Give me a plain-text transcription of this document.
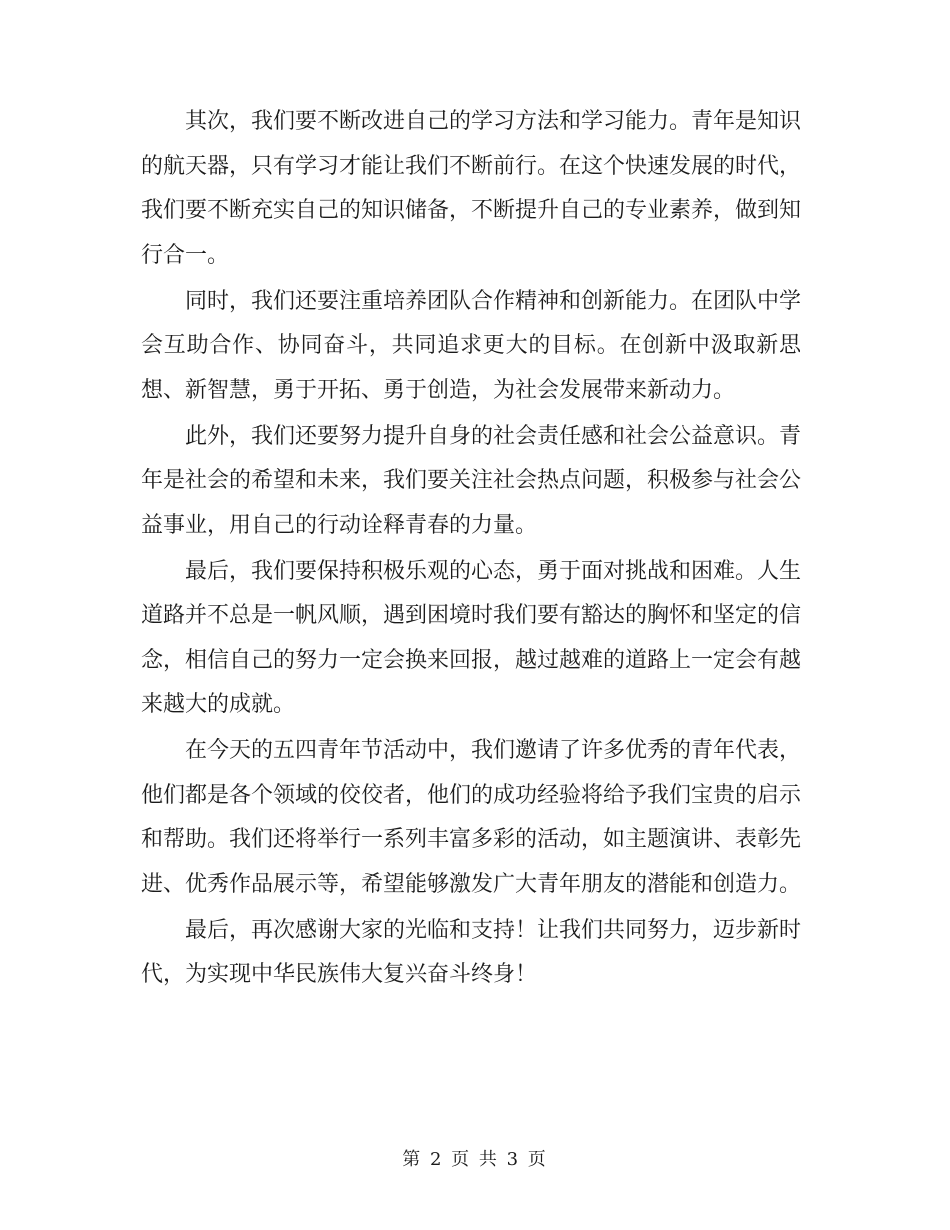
其次，我们要不断改进自己的学习方法和学习能力。青年是知识的航天器，只有学习才能让我们不断前行。在这个快速发展的时代，我们要不断充实自己的知识储备，不断提升自己的专业素养，做到知行合一。

同时，我们还要注重培养团队合作精神和创新能力。在团队中学会互助合作、协同奋斗，共同追求更大的目标。在创新中汲取新思想、新智慧，勇于开拓、勇于创造，为社会发展带来新动力。

此外，我们还要努力提升自身的社会责任感和社会公益意识。青年是社会的希望和未来，我们要关注社会热点问题，积极参与社会公益事业，用自己的行动诠释青春的力量。

最后，我们要保持积极乐观的心态，勇于面对挑战和困难。人生道路并不总是一帆风顺，遇到困境时我们要有豁达的胸怀和坚定的信念，相信自己的努力一定会换来回报，越过越难的道路上一定会有越来越大的成就。

在今天的五四青年节活动中，我们邀请了许多优秀的青年代表，他们都是各个领域的佼佼者，他们的成功经验将给予我们宝贵的启示和帮助。我们还将举行一系列丰富多彩的活动，如主题演讲、表彰先进、优秀作品展示等，希望能够激发广大青年朋友的潜能和创造力。

最后，再次感谢大家的光临和支持！让我们共同努力，迈步新时代，为实现中华民族伟大复兴奋斗终身！

第 2 页 共 3 页
